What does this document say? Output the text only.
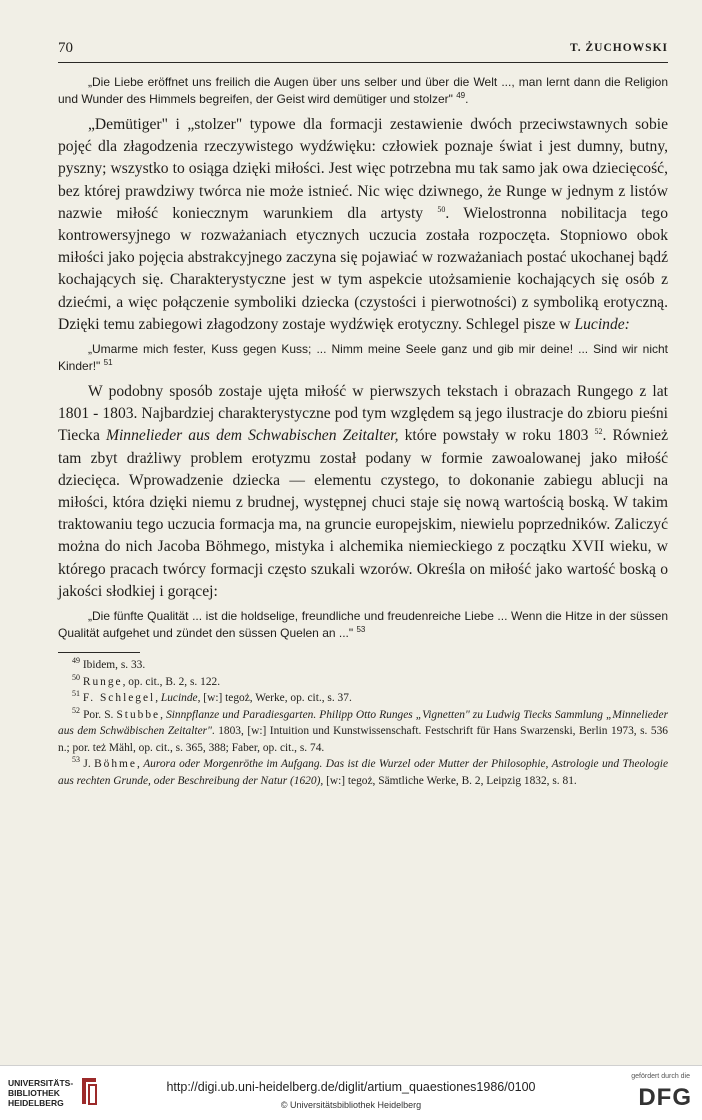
70	T. ŻUCHOWSKI

„Die Liebe eröffnet uns freilich die Augen über uns selber und über die Welt ..., man lernt dann die Religion und Wunder des Himmels begreifen, der Geist wird demütiger und stolzer" $^{49}$.

„Demütiger" i „stolzer" typowe dla formacji zestawienie dwóch przeciwstawnych sobie pojęć dla złagodzenia rzeczywistego wydźwięku: człowiek poznaje świat i jest dumny, butny, pyszny; wszystko to osiąga dzięki miłości. Jest więc potrzebna mu tak samo jak owa dziecięcość, bez której prawdziwy twórca nie może istnieć. Nic więc dziwnego, że Runge w jednym z listów nazwie miłość koniecznym warunkiem dla artysty $^{50}$. Wielostronna nobilitacja tego kontrowersyjnego w rozważaniach etycznych uczucia została rozpoczęta. Stopniowo obok miłości jako pojęcia abstrakcyjnego zaczyna się pojawiać w rozważaniach postać ukochanej bądź kochających się. Charakterystyczne jest w tym aspekcie utożsamienie kochających się osób z dziećmi, a więc połączenie symboliki dziecka (czystości i pierwotności) z symboliką erotyczną. Dzięki temu zabiegowi złagodzony zostaje wydźwięk erotyczny. Schlegel pisze w Lucinde:

„Umarme mich fester, Kuss gegen Kuss; ... Nimm meine Seele ganz und gib mir deine! ... Sind wir nicht Kinder!" $^{51}$

W podobny sposób zostaje ujęta miłość w pierwszych tekstach i obrazach Rungego z lat 1801 - 1803. Najbardziej charakterystyczne pod tym względem są jego ilustracje do zbioru pieśni Tiecka Minnelieder aus dem Schwabischen Zeitalter, które powstały w roku 1803 $^{52}$. Również tam zbyt drażliwy problem erotyzmu został podany w formie zawoalowanej jako miłość dziecięca. Wprowadzenie dziecka — elementu czystego, to dokonanie zabiegu ablucji na miłości, która dzięki niemu z brudnej, występnej chuci staje się nową wartością boską. W takim traktowaniu tego uczucia formacja ma, na gruncie europejskim, niewielu poprzedników. Zaliczyć można do nich Jacoba Böhmego, mistyka i alchemika niemieckiego z początku XVII wieku, w którego pracach twórcy formacji często szukali wzorów. Określa on miłość jako wartość boską o jakości słodkiej i gorącej:

„Die fünfte Qualität ... ist die holdselige, freundliche und freudenreiche Liebe ... Wenn die Hitze in der süssen Qualität aufgehet und zündet den süssen Quelen an ..." $^{53}$

$^{49}$ Ibidem, s. 33.

$^{50}$ Runge, op. cit., B. 2, s. 122.

$^{51}$ F. Schlegel, Lucinde, [w:] tegoż, Werke, op. cit., s. 37.

$^{52}$ Por. S. Stubbe, Sinnpflanze und Paradiesgarten. Philipp Otto Runges „Vignetten" zu Ludwig Tiecks Sammlung „Minnelieder aus dem Schwäbischen Zeitalter". 1803, [w:] Intuition und Kunstwissenschaft. Festschrift für Hans Swarzenski, Berlin 1973, s. 536 n.; por. też Mähl, op. cit., s. 365, 388; Faber, op. cit., s. 74.

$^{53}$ J. Böhme, Aurora oder Morgenröthe im Aufgang. Das ist die Wurzel oder Mutter der Philosophie, Astrologie und Theologie aus rechten Grunde, oder Beschreibung der Natur (1620), [w:] tegoż, Sämtliche Werke, B. 2, Leipzig 1832, s. 81.

UNIVERSITÄTS-
BIBLIOTHEK
HEIDELBERG
http://digi.ub.uni-heidelberg.de/diglit/artium_quaestiones1986/0100
© Universitätsbibliothek Heidelberg
gefördert durch die
DFG
